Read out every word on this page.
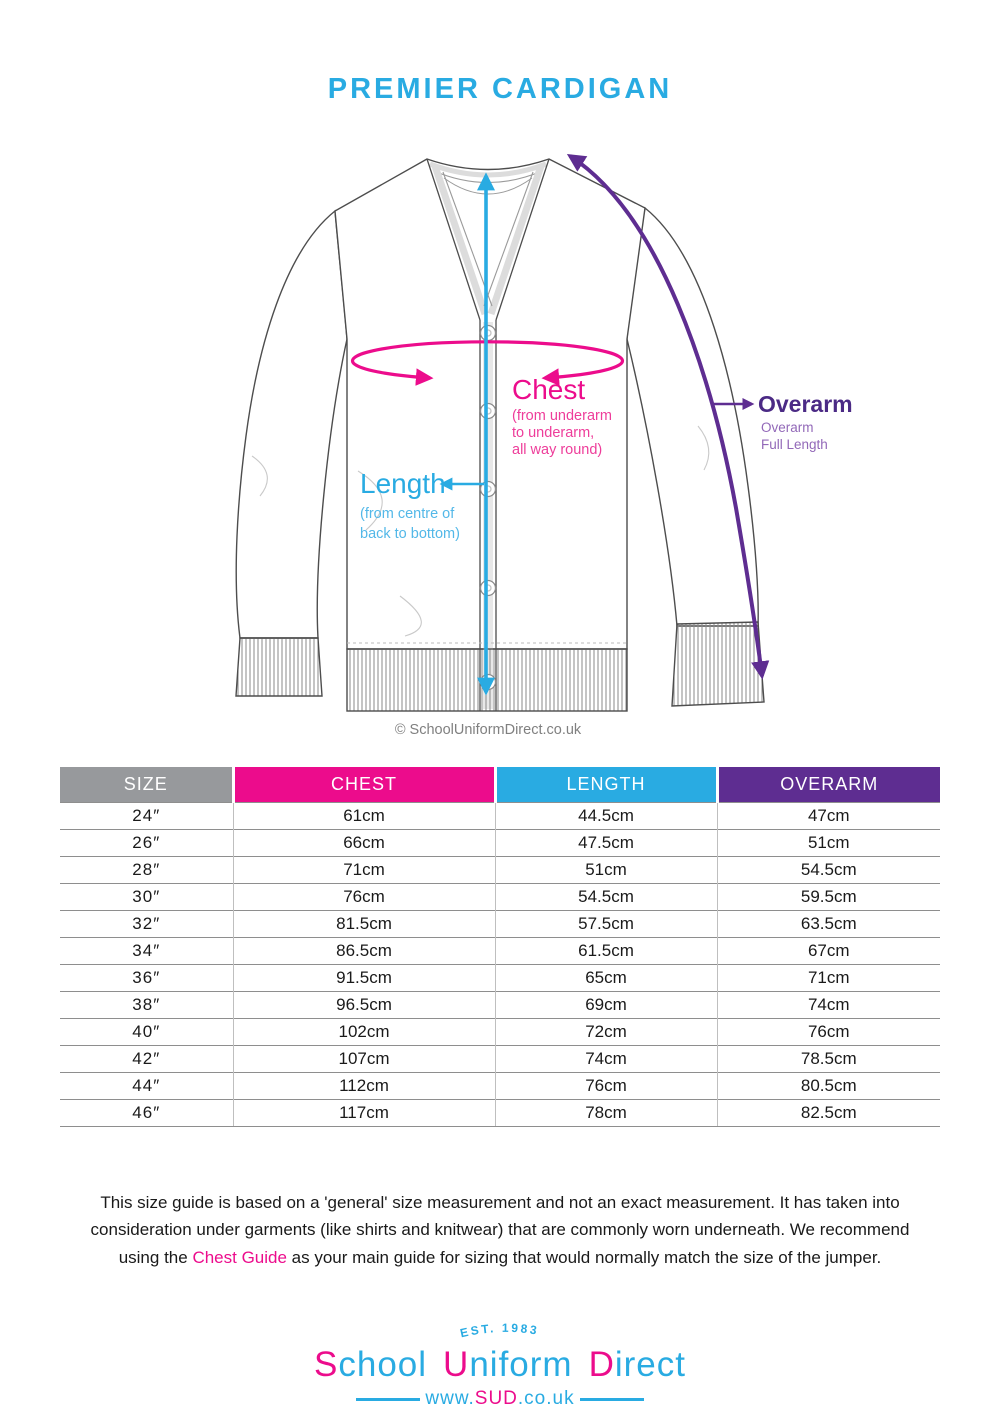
PREMIER CARDIGAN
Chest
(from underarm
to underarm,
all way round)
Length
(from centre of
back to bottom)
Overarm
Overarm
Full Length
© SchoolUniformDirect.co.uk
SIZE	CHEST	LENGTH	OVERARM
24″	61cm	44.5cm	47cm
26″	66cm	47.5cm	51cm
28″	71cm	51cm	54.5cm
30″	76cm	54.5cm	59.5cm
32″	81.5cm	57.5cm	63.5cm
34″	86.5cm	61.5cm	67cm
36″	91.5cm	65cm	71cm
38″	96.5cm	69cm	74cm
40″	102cm	72cm	76cm
42″	107cm	74cm	78.5cm
44″	112cm	76cm	80.5cm
46″	117cm	78cm	82.5cm
This size guide is based on a 'general' size measurement and not an exact measurement. It has taken into
consideration under garments (like shirts and knitwear) that are commonly worn underneath. We recommend
using the Chest Guide as your main guide for sizing that would normally match the size of the jumper.
EST. 1983
School Uniform Direct
www.SUD.co.uk
